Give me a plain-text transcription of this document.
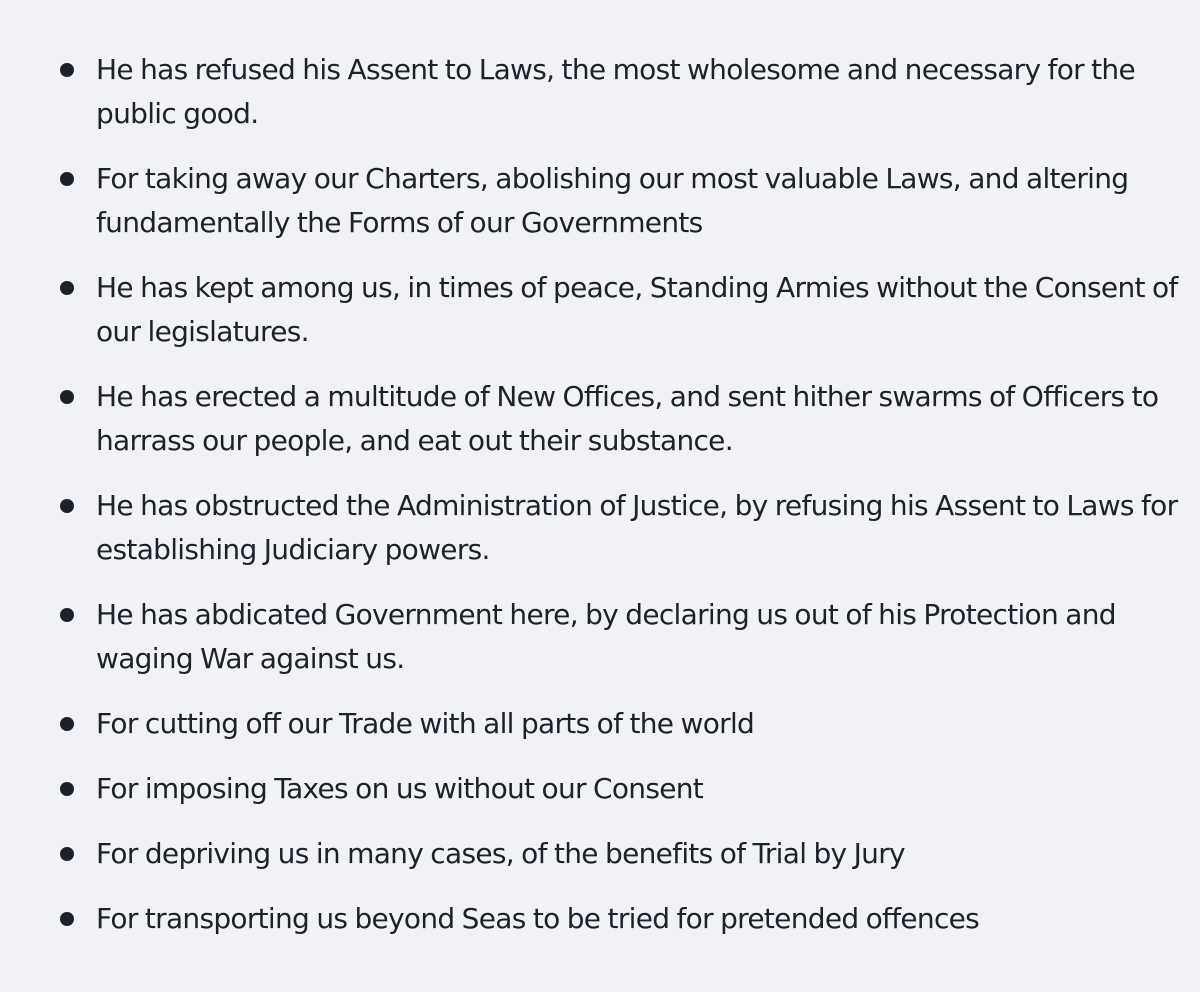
He has refused his Assent to Laws, the most wholesome and necessary for the public good.
For taking away our Charters, abolishing our most valuable Laws, and altering fundamentally the Forms of our Governments
He has kept among us, in times of peace, Standing Armies without the Consent of our legislatures.
He has erected a multitude of New Offices, and sent hither swarms of Officers to harrass our people, and eat out their substance.
He has obstructed the Administration of Justice, by refusing his Assent to Laws for establishing Judiciary powers.
He has abdicated Government here, by declaring us out of his Protection and waging War against us.
For cutting off our Trade with all parts of the world
For imposing Taxes on us without our Consent
For depriving us in many cases, of the benefits of Trial by Jury
For transporting us beyond Seas to be tried for pretended offences
